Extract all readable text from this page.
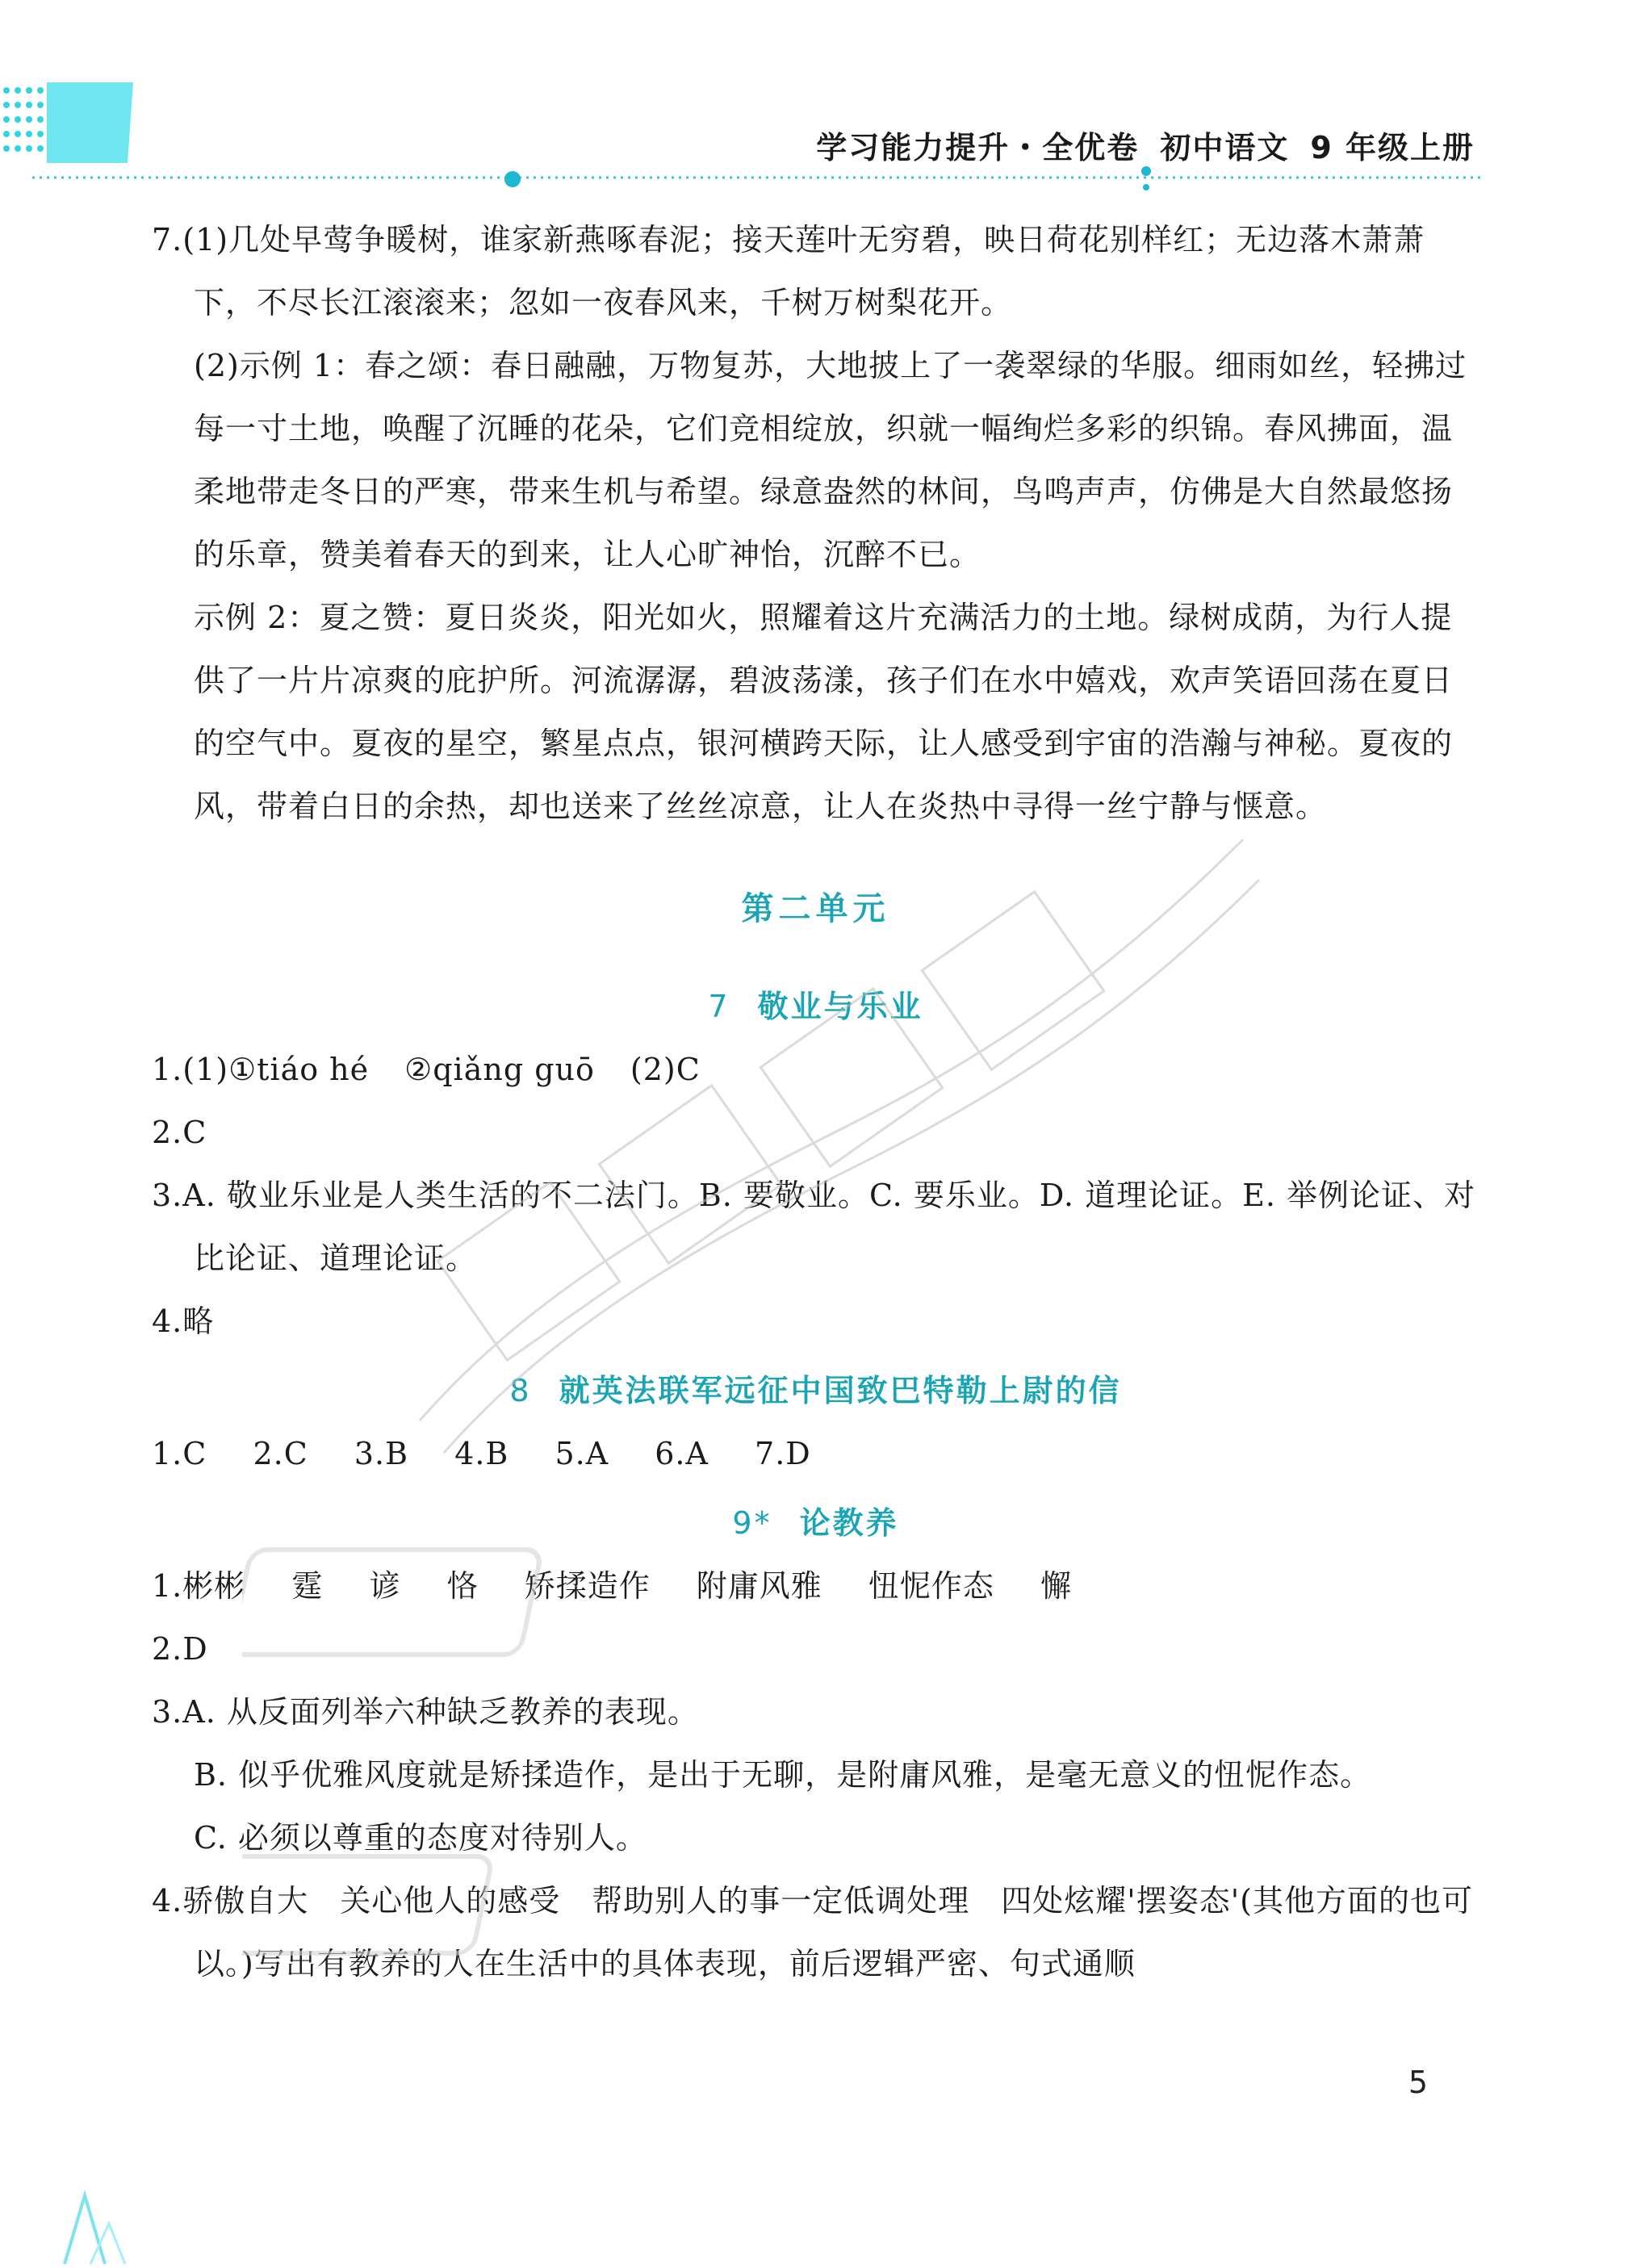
学习能力提升・全优卷 初中语文 9 年级上册

7.(1)几处早莺争暖树，谁家新燕啄春泥；接天莲叶无穷碧，映日荷花别样红；无边落木萧萧下，不尽长江滚滚来；忽如一夜春风来，千树万树梨花开。

(2)示例 1：春之颂：春日融融，万物复苏，大地披上了一袭翠绿的华服。细雨如丝，轻拂过每一寸土地，唤醒了沉睡的花朵，它们竞相绽放，织就一幅绚烂多彩的织锦。春风拂面，温柔地带走冬日的严寒，带来生机与希望。绿意盎然的林间，鸟鸣声声，仿佛是大自然最悠扬的乐章，赞美着春天的到来，让人心旷神怡，沉醉不已。

示例 2：夏之赞：夏日炎炎，阳光如火，照耀着这片充满活力的土地。绿树成荫，为行人提供了一片片凉爽的庇护所。河流潺潺，碧波荡漾，孩子们在水中嬉戏，欢声笑语回荡在夏日的空气中。夏夜的星空，繁星点点，银河横跨天际，让人感受到宇宙的浩瀚与神秘。夏夜的风，带着白日的余热，却也送来了丝丝凉意，让人在炎热中寻得一丝宁静与惬意。

第二单元
7 敬业与乐业

1.(1)①tiáo hé ②qiǎng guō (2)C

2.C

3.A. 敬业乐业是人类生活的不二法门。B. 要敬业。C. 要乐业。D. 道理论证。E. 举例论证、对比论证、道理论证。

4.略

8 就英法联军远征中国致巴特勒上尉的信

1.C 2.C 3.B 4.B 5.A 6.A 7.D

9* 论教养

1.彬彬 霆 谚 恪 矫揉造作 附庸风雅 忸怩作态 懈

2.D

3.A. 从反面列举六种缺乏教养的表现。

B. 似乎优雅风度就是矫揉造作，是出于无聊，是附庸风雅，是毫无意义的忸怩作态。

C. 必须以尊重的态度对待别人。

4.骄傲自大　关心他人的感受　帮助别人的事一定低调处理　四处炫耀'摆姿态'(其他方面的也可以。)写出有教养的人在生活中的具体表现，前后逻辑严密、句式通顺

5
